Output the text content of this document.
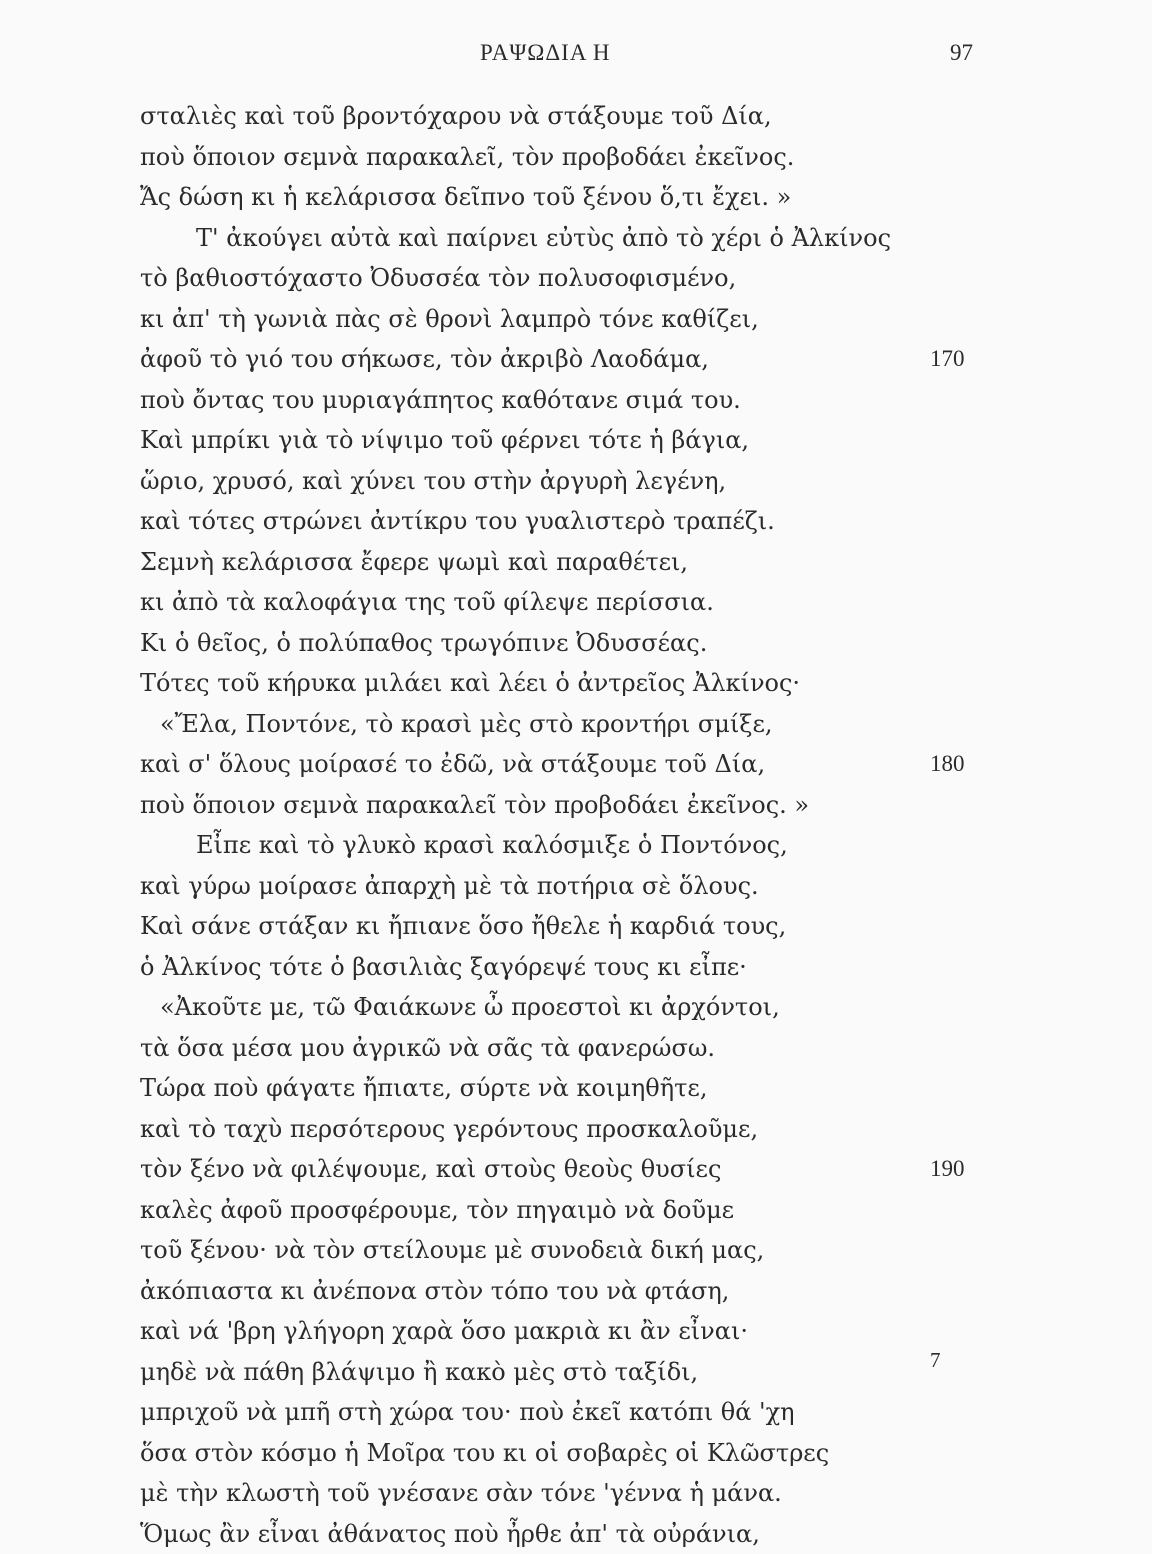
ΡΑΨΩΔΙΑ Η	97
σταλιὲς καὶ τοῦ βροντόχαρου νὰ στάξουμε τοῦ Δία,
ποὺ ὅποιον σεμνὰ παρακαλεῖ, τὸν προβοδάει ἐκεῖνος.
Ἄς δώση κι ἡ κελάρισσα δεῖπνο τοῦ ξένου ὅ,τι ἔχει. »
Τ' ἀκούγει αὐτὰ καὶ παίρνει εὐτὺς ἀπὸ τὸ χέρι ὁ Ἀλκίνος
τὸ βαθιοστόχαστο Ὀδυσσέα τὸν πολυσοφισμένο,
κι ἀπ' τὴ γωνιὰ πὰς σὲ θρονὶ λαμπρὸ τόνε καθίζει,
ἀφοῦ τὸ γιό του σήκωσε, τὸν ἀκριβὸ Λαοδάμα,	170
ποὺ ὄντας του μυριαγάπητος καθότανε σιμά του.
Καὶ μπρίκι γιὰ τὸ νίψιμο τοῦ φέρνει τότε ἡ βάγια,
ὥριο, χρυσό, καὶ χύνει του στὴν ἀργυρὴ λεγένη,
καὶ τότες στρώνει ἀντίκρυ του γυαλιστερὸ τραπέζι.
Σεμνὴ κελάρισσα ἔφερε ψωμὶ καὶ παραθέτει,
κι ἀπὸ τὰ καλοφάγια της τοῦ φίλεψε περίσσια.
Κι ὁ θεῖος, ὁ πολύπαθος τρωγόπινε Ὀδυσσέας.
Τότες τοῦ κήρυκα μιλάει καὶ λέει ὁ ἀντρεῖος Ἀλκίνος·
«Ἔλα, Ποντόνε, τὸ κρασὶ μὲς στὸ κροντήρι σμίξε,
καὶ σ' ὅλους μοίρασέ το ἐδῶ, νὰ στάξουμε τοῦ Δία,	180
ποὺ ὅποιον σεμνὰ παρακαλεῖ τὸν προβοδάει ἐκεῖνος. »
Εἶπε καὶ τὸ γλυκὸ κρασὶ καλόσμιξε ὁ Ποντόνος,
καὶ γύρω μοίρασε ἀπαρχὴ μὲ τὰ ποτήρια σὲ ὅλους.
Καὶ σάνε στάξαν κι ἤπιανε ὅσο ἤθελε ἡ καρδιά τους,
ὁ Ἀλκίνος τότε ὁ βασιλιὰς ξαγόρεψέ τους κι εἶπε·
«Ἀκοῦτε με, τῶ Φαιάκωνε ὦ προεστοὶ κι ἀρχόντοι,
τὰ ὅσα μέσα μου ἀγρικῶ νὰ σᾶς τὰ φανερώσω.
Τώρα ποὺ φάγατε ἤπιατε, σύρτε νὰ κοιμηθῆτε,
καὶ τὸ ταχὺ περσότερους γερόντους προσκαλοῦμε,
τὸν ξένο νὰ φιλέψουμε, καὶ στοὺς θεοὺς θυσίες	190
καλὲς ἀφοῦ προσφέρουμε, τὸν πηγαιμὸ νὰ δοῦμε
τοῦ ξένου· νὰ τὸν στείλουμε μὲ συνοδειὰ δική μας,
ἀκόπιαστα κι ἀνέπονα στὸν τόπο του νὰ φτάση,
καὶ νά 'βρη γλήγορη χαρὰ ὅσο μακριὰ κι ἂν εἶναι·
μηδὲ νὰ πάθη βλάψιμο ἢ κακὸ μὲς στὸ ταξίδι,
μπριχοῦ νὰ μπῆ στὴ χώρα του· ποὺ ἐκεῖ κατόπι θά 'χη
ὅσα στὸν κόσμο ἡ Μοῖρα του κι οἱ σοβαρὲς οἱ Κλῶστρες
μὲ τὴν κλωστὴ τοῦ γνέσανε σὰν τόνε 'γέννα ἡ μάνα.
Ὅμως ἂν εἶναι ἀθάνατος ποὺ ἦρθε ἀπ' τὰ οὐράνια,
7
